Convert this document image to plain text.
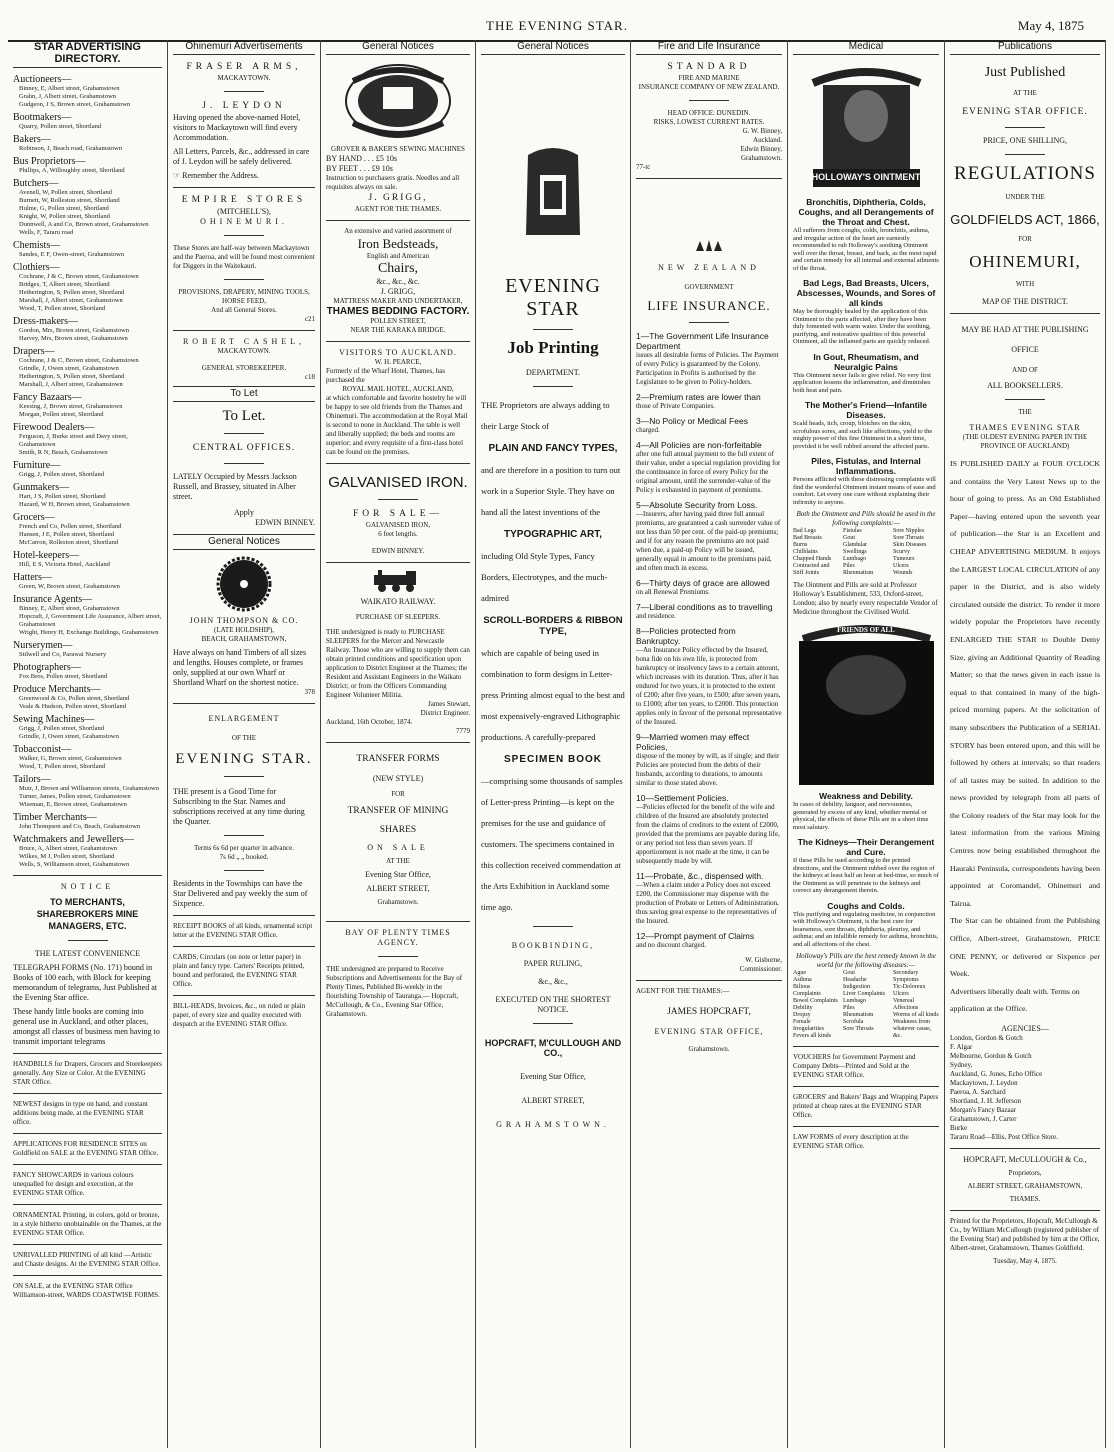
THE EVENING STAR.	May 4, 1875
STAR ADVERTISING DIRECTORY.

Auctioneers—

Binney, E, Albert street, Grahamstown

Grahn, J, Albert street, Grahamstown

Gudgeon, J S, Brown street, Grahamstown

Bootmakers—

Quarry, Pollen street, Shortland

Bakers—

Robinson, J, Beach road, Grahamstown

Bus Proprietors—

Phillips, A, Willoughby street, Shortland

Butchers—

Avenell, W, Pollen street, Shortland

Burnett, W, Rolleston street, Shortland

Hulme, G, Pollen street, Shortland

Knight, W, Pollen street, Shortland

Dunnwell, A and Co, Brown street, Grahamstown

Wells, F, Tararu road

Chemists—

Sandes, E F, Owen-street, Grahamstown

Clothiers—

Cochrane, J & C, Brown street, Grahamstown

Bridges, T, Albert street, Shortland

Hetherington, S, Pollen street, Shortland

Marshall, J, Albert street, Grahamstown

Wood, T, Pollen street, Shortland

Dress-makers—

Gordon, Mrs, Brown street, Grahamstown

Harvey, Mrs, Brown street, Grahamstown

Drapers—

Cochrane, J & C, Brown street, Grahamstown

Grindle, J, Owen street, Grahamstown

Hetherington, S, Pollen street, Shortland

Marshall, J, Albert street, Grahamstown

Fancy Bazaars—

Keesing, J, Brown street, Grahamstown

Morgan, Pollen street, Shortland

Firewood Dealers—

Ferguson, J, Burke street and Davy street, Grahamstown

Smith, R N, Beach, Grahamstown

Furniture—

Grigg, J, Pollen street, Shortland

Gunmakers—

Hart, J S, Pollen street, Shortland

Hazard, W H, Brown street, Grahamstown

Grocers—

French and Co, Pollen street, Shortland

Hansen, J E, Pollen street, Shortland

McCarron, Rolleston street, Shortland

Hotel-keepers—

Hill, E S, Victoria Hotel, Auckland

Hatters—

Green, W, Brown street, Grahamstown

Insurance Agents—

Binney, E, Albert street, Grahamstown

Hopcraft, J, Government Life Assurance, Albert street, Grahamstown

Wright, Henry H, Exchange Buildings, Grahamstown

Nurserymen—

Stilwell and Co, Parawai Nursery

Photographers—

Fox Bros, Pollen street, Shortland

Produce Merchants—

Greenwood & Co, Pollen street, Shortland

Veale & Hudson, Pollen street, Shortland

Sewing Machines—

Grigg, J, Pollen street, Shortland

Grindle, J, Owen street, Grahamstown

Tobacconist—

Walker, G, Brown street, Grahamstown

Wood, T, Pollen street, Shortland

Tailors—

Muir, J, Brown and Williamson streets, Grahamstown

Turner, James, Pollen street, Grahamstown

Wiseman, E, Brown street, Grahamstown

Timber Merchants—

John Thompson and Co, Beach, Grahamstown

Watchmakers and Jewellers—

Bruce, A, Albert street, Grahamstown

Wilkes, M J, Pollen street, Shortland

Wells, S, Williamson street, Grahamstown

NOTICE

TO MERCHANTS, SHAREBROKERS MINE MANAGERS, ETC.

THE LATEST CONVENIENCE

TELEGRAPH FORMS (No. 171) bound in Books of 100 each, with Block for keeping memorandum of telegrams, Just Published at the Evening Star office.

These handy little books are coming into general use in Auckland, and other places, amongst all classes of business men having to transmit important telegrams

HANDBILLS for Drapers, Grocers and Storekeepers generally. Any Size or Color. At the EVENING STAR Office.

NEWEST designs in type on hand, and constant additions being made, at the EVENING STAR office.

APPLICATIONS FOR RESIDENCE SITES on Goldfield on SALE at the EVENING STAR Office.

FANCY SHOWCARDS in various colours unequalled for design and execution, at the EVENING STAR Office.

ORNAMENTAL Printing, in colors, gold or bronze, in a style hitherto unobtainable on the Thames, at the EVENING STAR Office.

UNRIVALLED PRINTING of all kind —Artistic and Chaste designs. At the EVENING STAR Office.

ON SALE, at the EVENING STAR Office Williamson-street, WARDS COASTWISE FORMS.

Ohinemuri Advertisements

FRASER ARMS,

MACKAYTOWN.

J. LEYDON

Having opened the above-named Hotel, visitors to Mackaytown will find every Accommodation.

All Letters, Parcels, &c., addressed in care of J. Leydon will be safely delivered.

☞ Remember the Address.

EMPIRE STORES

(MITCHELL'S),

OHINEMURI.

These Stores are half-way between Mackaytown and the Paeroa, and will be found most convenient for Diggers in the Waitekauri.

PROVISIONS, DRAPERY, MINING TOOLS, HORSE FEED,

And all General Stores.

c21

ROBERT CASHEL,

MACKAYTOWN.

GENERAL STOREKEEPER.

c18

To Let

To Let.

CENTRAL OFFICES.

LATELY Occupied by Messrs Jackson Russell, and Brassey, situated in Alber street.

Apply

EDWIN BINNEY.

General Notices

JOHN THOMPSON & CO.

(LATE HOLDSHIP),

BEACH, GRAHAMSTOWN,

Have always on hand Timbers of all sizes and lengths. Houses complete, or frames only, supplied at our own Wharf or Shortland Wharf on the shortest notice.

378

ENLARGEMENT

OF THE

EVENING STAR.

THE present is a Good Time for Subscribing to the Star. Names and subscriptions received at any time during the Quarter.

Terms 6s 6d per quarter in advance.

7s 6d „ „ booked.

Residents in the Townships can have the Star Delivered and pay weekly the sum of Sixpence.

RECEIPT BOOKS of all kinds, ornamental script letter at the EVENING STAR Office.

CARDS, Circulars (on note or letter paper) in plain and fancy type. Carters' Receipts printed, bound and perforated, the EVENING STAR Office.

BILL-HEADS, Invoices, &c., on ruled or plain paper, of every size and quality executed with despatch at the EVENING STAR Office.

General Notices

GROVER & BAKER'S SEWING MACHINES

BY HAND . . . £5 10s

BY FEET . . . £9 10s

Instruction to purchasers gratis. Needles and all requisites always on sale.

J. GRIGG,

AGENT FOR THE THAMES.

An extensive and varied assortment of

Iron Bedsteads,

English and American

Chairs,

&c., &c., &c.

J. GRIGG,

MATTRESS MAKER AND UNDERTAKER,

THAMES BEDDING FACTORY.

POLLEN STREET,

NEAR THE KARAKA BRIDGE.

VISITORS TO AUCKLAND.

W. H. PEARCE,

Formerly of the Wharf Hotel, Thames, has purchased the

ROYAL MAIL HOTEL, AUCKLAND,

at which comfortable and favorite hostelry he will be happy to see old friends from the Thames and Ohinemuri. The accommodation at the Royal Mail is second to none in Auckland. The table is well and liberally supplied; the beds and rooms are superior; and every requisite of a first-class hotel can be found on the premises.

GALVANISED IRON.

FOR SALE—

GALVANISED IRON,

6 feet lengths.

EDWIN BINNEY.

WAIKATO RAILWAY.

PURCHASE OF SLEEPERS.

THE undersigned is ready to PURCHASE SLEEPERS for the Mercer and Newcastle Railway. Those who are willing to supply them can obtain printed conditions and specification upon application to District Engineer at the Thames; the Resident and Assistant Engineers in the Waikato District; or from the Officers Commanding Engineer Volunteer Militia.

James Stewart,

District Engineer.

Auckland, 16th October, 1874.

7779

TRANSFER FORMS

(NEW STYLE)

FOR

TRANSFER OF MINING

SHARES

ON SALE

AT THE

Evening Star Office,

ALBERT STREET,

Grahamstown.

BAY OF PLENTY TIMES AGENCY.

THE undersigned are prepared to Receive Subscriptions and Advertisements for the Bay of Plenty Times, Published Bi-weekly in the flourishing Township of Tauranga.— Hopcraft, McCullough, & Co., Evening Star Office, Grahamstown.

General Notices

EVENING STAR

Job Printing

DEPARTMENT.

THE Proprietors are always adding to their Large Stock of

PLAIN AND FANCY TYPES,

and are therefore in a position to turn out work in a Superior Style. They have on hand all the latest inventions of the

TYPOGRAPHIC ART,

including Old Style Types, Fancy Borders, Electrotypes, and the much-admired

SCROLL-BORDERS & RIBBON TYPE,

which are capable of being used in combination to form designs in Letter-press Printing almost equal to the best and most expensively-engraved Lithographic productions. A carefully-prepared

SPECIMEN BOOK

—comprising some thousands of samples of Letter-press Printing—is kept on the premises for the use and guidance of customers. The specimens contained in this collection received commendation at the Arts Exhibition in Auckland some time ago.

BOOKBINDING,

PAPER RULING,

&c., &c.,

EXECUTED ON THE SHORTEST NOTICE.

HOPCRAFT, M'CULLOUGH AND CO.,

Evening Star Office,

ALBERT STREET,

GRAHAMSTOWN.

Fire and Life Insurance

STANDARD

FIRE AND MARINE

INSURANCE COMPANY OF NEW ZEALAND.

HEAD OFFICE: DUNEDIN.

RISKS, LOWEST CURRENT RATES.

G. W. Binney,

Auckland.

Edwin Binney,

Grahamstown.

77-tc

NEW ZEALAND

GOVERNMENT

LIFE INSURANCE.

1—The Government Life Insurance Department

issues all desirable forms of Policies. The Payment of every Policy is guaranteed by the Colony. Participation in Profits is authorised by the Legislature to be given to Policy-holders.

2—Premium rates are lower than

those of Private Companies.

3—No Policy or Medical Fees

charged.

4—All Policies are non-forfeitable

after one full annual payment to the full extent of their value, under a special regulation providing for the continuance in force of every Policy for the original amount, until the surrender-value of the Policy is exhausted in payment of premiums.

5—Absolute Security from Loss.

—Insurers, after having paid three full annual premiums, are guaranteed a cash surrender value of not less than 50 per cent. of the paid-up premiums; and if for any reason the premiums are not paid when due, a paid-up Policy will be issued, generally equal in amount to the premiums paid, and often much in excess.

6—Thirty days of grace are allowed

on all Renewal Premiums.

7—Liberal conditions as to travelling

and residence.

8—Policies protected from Bankruptcy.

—An Insurance Policy effected by the Insured, bona fide on his own life, is protected from bankruptcy or insolvency laws to a certain amount, which increases with its duration. Thus, after it has endured for two years, it is protected to the extent of £200; after five years, to £500; after seven years, to £1000; after ten years, to £2000. This protection applies only in favour of the personal representative of the Insured.

9—Married women may effect Policies,

dispose of the money by will, as if single; and their Policies are protected from the debts of their husbands, according to durations, to amounts similar to those stated above.

10—Settlement Policies.

—Policies effected for the benefit of the wife and children of the Insured are absolutely protected from the claims of creditors to the extent of £2000, provided that the premiums are payable during life, or any period not less than seven years. If apportionment is not made at the time, it can be subsequently made by will.

11—Probate, &c., dispensed with.

—When a claim under a Policy does not exceed £200, the Commissioner may dispense with the production of Probate or Letters of Administration, thus saving great expense to the representatives of the Insured.

12—Prompt payment of Claims

and no discount charged.

W. Gisborne,

Commissioner.

AGENT FOR THE THAMES:—

JAMES HOPCRAFT,

EVENING STAR OFFICE,

Grahamstown.

Medical
CURE FOR ALL
HOLLOWAY'S OINTMENT

Bronchitis, Diphtheria, Colds, Coughs, and all Derangements of the Throat and Chest.

All sufferers from coughs, colds, bronchitis, asthma, and irregular action of the heart are earnestly recommended to rub Holloway's soothing Ointment well over the throat, breast, and back, as the most rapid and certain remedy for all internal and external ailments of the throat.

Bad Legs, Bad Breasts, Ulcers, Abscesses, Wounds, and Sores of all kinds

May be thoroughly healed by the application of this Ointment to the parts affected, after they have been duly fomented with warm water. Under the soothing, purifying, and restorative qualities of this powerful Ointment, all the inflamed parts are quickly reduced.

In Gout, Rheumatism, and Neuralgic Pains

This Ointment never fails to give relief. No very first application lessens the inflammation, and diminishes both heat and pain.

The Mother's Friend—Infantile Diseases.

Scald heads, itch, croup, blotches on the skin, scrofulous sores, and such like affections, yield to the mighty power of this fine Ointment in a short time, provided it be well rubbed around the affected parts.

Piles, Fistulas, and Internal Inflammations.

Persons afflicted with these distressing complaints will find the wonderful Ointment instant means of ease and comfort. Let every one cure without explaining their infirmity to anyone.

Both the Ointment and Pills should be used in the following complaints:—

Bad Legs

Bad Breasts

Burns

Chilblains

Chapped Hands

Contracted and Stiff Joints

Fistulas

Gout

Glandular Swellings

Lumbago

Piles

Rheumatism

Sore Nipples

Sore Throats

Skin Diseases

Scurvy

Tumours

Ulcers

Wounds

The Ointment and Pills are sold at Professor Holloway's Establishment, 533, Oxford-street, London; also by nearly every respectable Vendor of Medicine throughout the Civilised World.

FRIENDS OF ALL

Weakness and Debility.

In cases of debility, languor, and nervousness, generated by excess of any kind, whether mental or physical, the effects of these Pills are in a short time most salutary.

The Kidneys—Their Derangement and Cure.

If these Pills be used according to the printed directions, and the Ointment rubbed over the region of the kidneys at least half an hour at bed-time, so much of the Ointment as will penetrate to the kidneys and correct any derangement therein.

Coughs and Colds.

This purifying and regulating medicine, in conjunction with Holloway's Ointment, is the best cure for hoarseness, sore throats, diphtheria, pleurisy, and asthma; and an infallible remedy for asthma, bronchitis, and all affections of the chest.

Holloway's Pills are the best remedy known in the world for the following diseases:—

Ague

Asthma

Bilious Complaints

Bowel Complaints

Debility

Dropsy

Female Irregularities

Fevers all kinds

Gout

Headache

Indigestion

Liver Complaints

Lumbago

Piles

Rheumatism

Scrofula

Sore Throats

Secondary Symptoms

Tic-Doloreux

Ulcers

Venereal Affections

Worms of all kinds

Weakness from whatever cause, &c.

VOUCHERS for Government Payment and Company Debts—Printed and Sold at the EVENING STAR Office.

GROCERS' and Bakers' Bags and Wrapping Papers printed at cheap rates at the EVENING STAR Office.

LAW FORMS of every description at the EVENING STAR Office.

Publications

Just Published

AT THE

EVENING STAR OFFICE.

PRICE, ONE SHILLING,

REGULATIONS

UNDER THE

GOLDFIELDS ACT, 1866,

FOR

OHINEMURI,

WITH

MAP OF THE DISTRICT.

MAY BE HAD AT THE PUBLISHING OFFICE

AND OF

ALL BOOKSELLERS.

THE

THAMES EVENING STAR

(THE OLDEST EVENING PAPER IN THE PROVINCE OF AUCKLAND)

IS PUBLISHED DAILY at FOUR O'CLOCK and contains the Very Latest News up to the hour of going to press. As an Old Established Paper—having entered upon the seventh year of publication—the Star is an Excellent and CHEAP ADVERTISING MEDIUM. It enjoys the LARGEST LOCAL CIRCULATION of any paper in the District, and is also widely circulated outside the district. To render it more widely popular the Proprietors have recently ENLARGED THE STAR to Double Demy Size, giving an Additional Quantity of Reading Matter; so that the news given in each issue is equal to that contained in many of the high-priced morning papers. At the solicitation of many subscribers the Publication of a SERIAL STORY has been entered upon, and this will be followed by others at intervals; so that readers of all tastes may be suited. In addition to the news provided by telegraph from all parts of the Colony readers of the Star may look for the latest information from the various Mining Centres now being established throughout the Hauraki Peninsula, correspondents having been appointed at Coromandel, Ohinemuri and Tairua.

The Star can be obtained from the Publishing Office, Albert-street, Grahamstown, PRICE ONE PENNY, or delivered or Sixpence per Week.

Advertisers liberally dealt with. Terms on application at the Office.

AGENCIES—

London, Gordon & Gotch

F. Algar

Melbourne, Gordon & Gotch

Sydney,

Auckland, G. Jones, Echo Office

Mackaytown, J. Leydon

Paeroa, A. Sarchard

Shortland, J. H. Jefferson

Morgan's Fancy Bazaar

Grahamstown, J. Carter

Burke

Tararu Road—Ellis, Post Office Store.

HOPCRAFT, McCULLOUGH & Co.,

Proprietors,

ALBERT STREET, GRAHAMSTOWN,

THAMES.

Printed for the Proprietors, Hopcraft, McCullough & Co., by William McCullough (registered publisher of the Evening Star) and published by him at the Office, Albert-street, Grahamstown, Thames Goldfield.

Tuesday, May 4, 1875.
